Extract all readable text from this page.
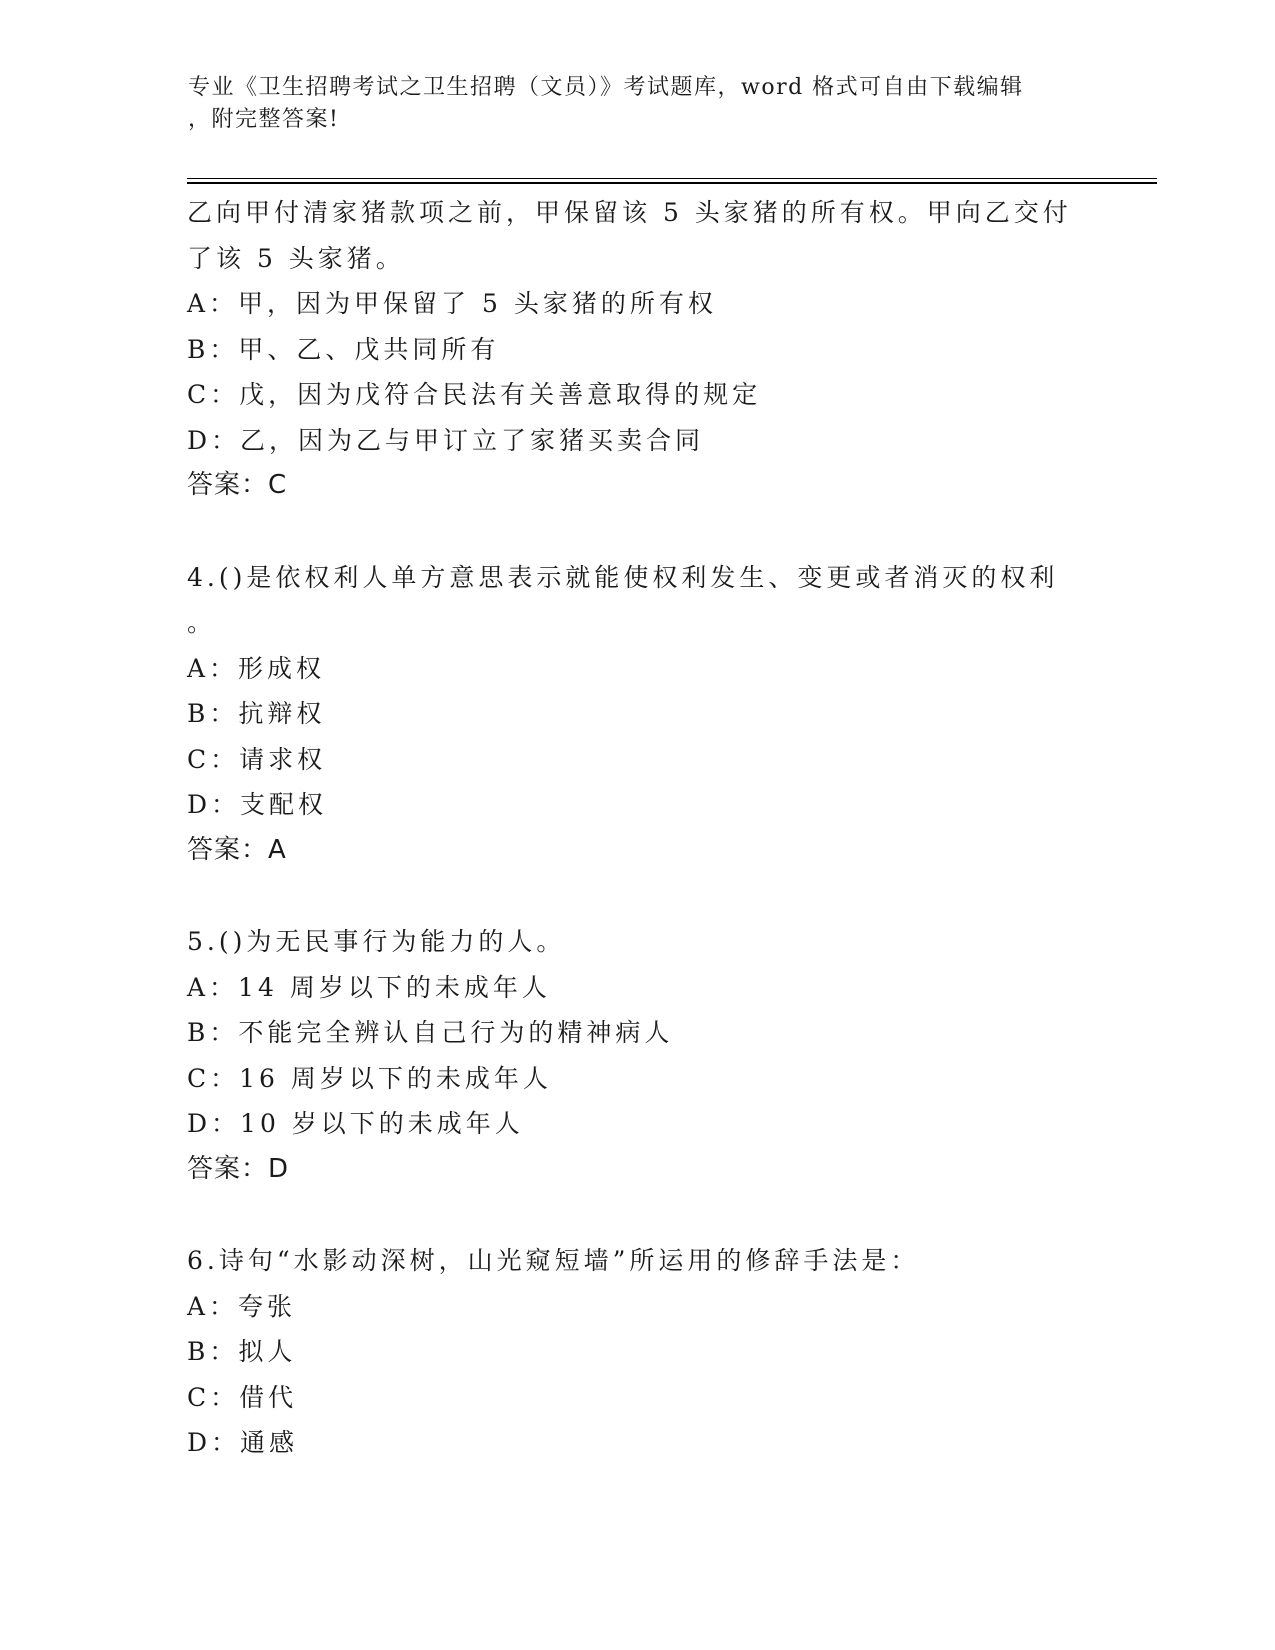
专业《卫生招聘考试之卫生招聘（文员）》考试题库，word 格式可自由下载编辑
，附完整答案!
乙向甲付清家猪款项之前，甲保留该 5 头家猪的所有权。甲向乙交付
了该 5 头家猪。
A：甲，因为甲保留了 5 头家猪的所有权
B：甲、乙、戊共同所有
C：戊，因为戊符合民法有关善意取得的规定
D：乙，因为乙与甲订立了家猪买卖合同
答案：C
4.()是依权利人单方意思表示就能使权利发生、变更或者消灭的权利
。
A：形成权
B：抗辩权
C：请求权
D：支配权
答案：A
5.()为无民事行为能力的人。
A：14 周岁以下的未成年人
B：不能完全辨认自己行为的精神病人
C：16 周岁以下的未成年人
D：10 岁以下的未成年人
答案：D
6.诗句“水影动深树，山光窥短墙”所运用的修辞手法是：
A：夸张
B：拟人
C：借代
D：通感
